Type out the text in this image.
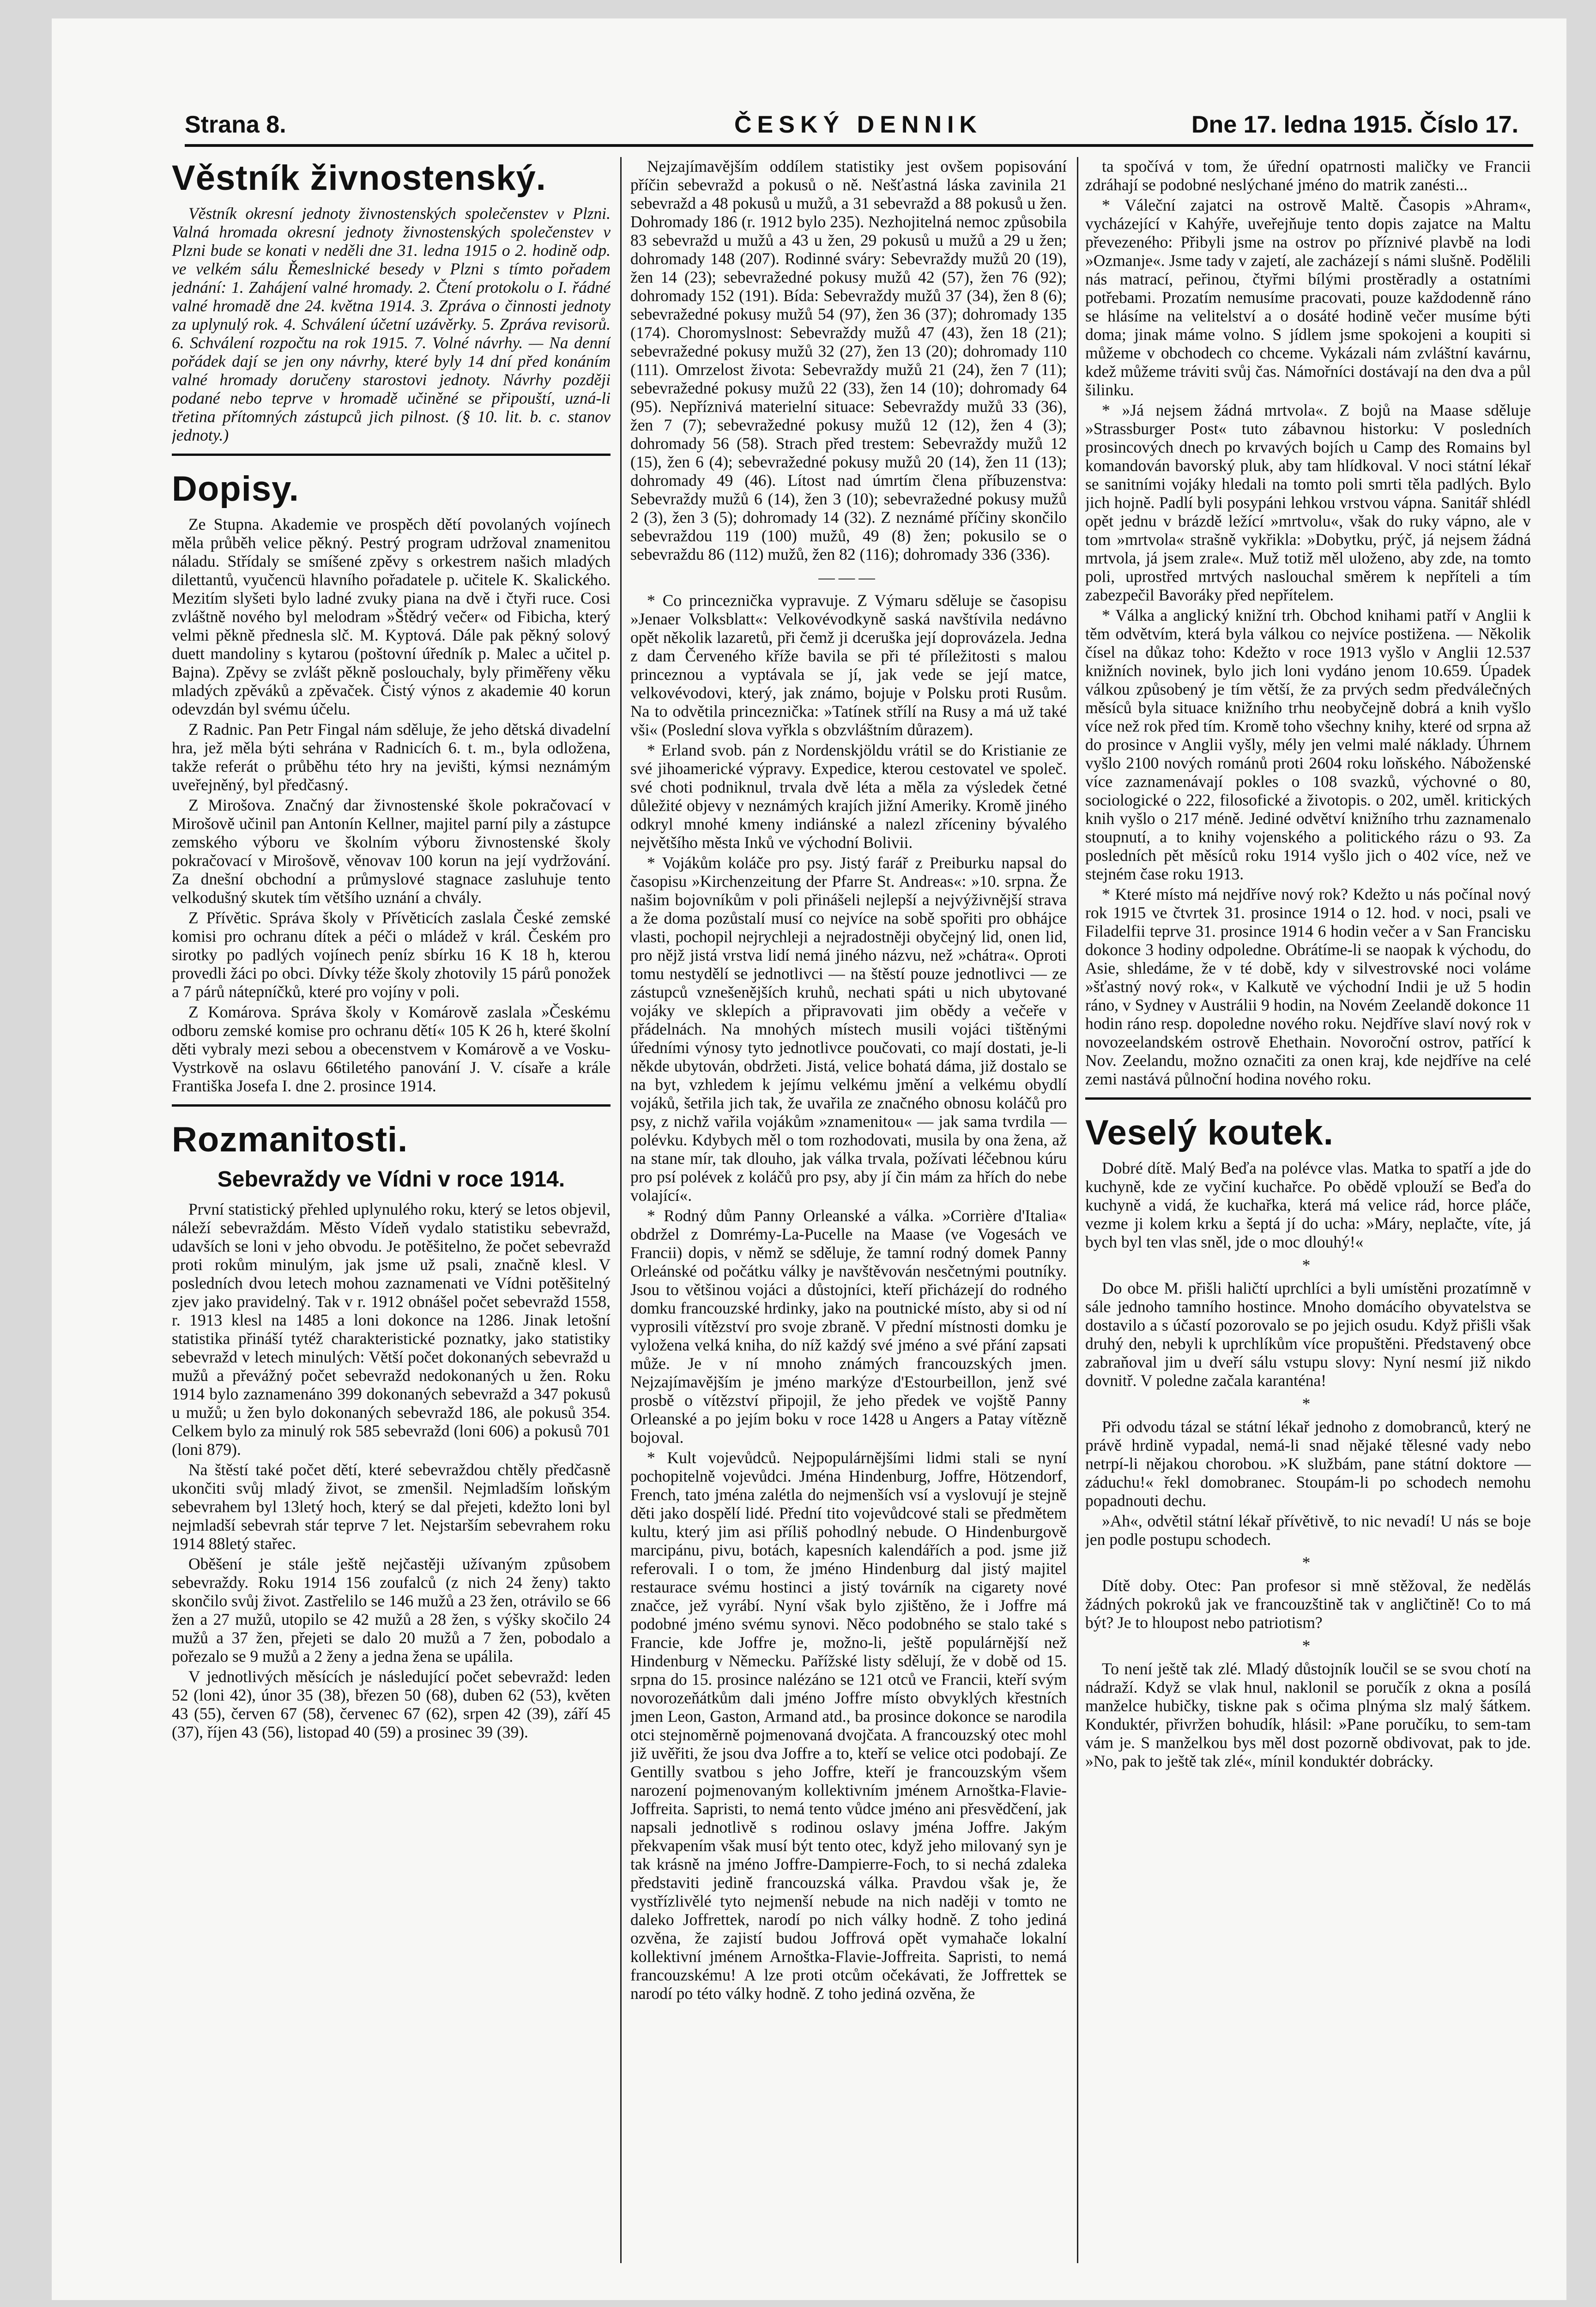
Strana 8.	ČESKÝ DENNIK	Dne 17. ledna 1915. Číslo 17.
Věstník živnostenský.

Věstník okresní jednoty živnostenských společenstev v Plzni. Valná hromada okresní jednoty živnostenských společenstev v Plzni bude se konati v neděli dne 31. ledna 1915 o 2. hodině odp. ve velkém sálu Řemeslnické besedy v Plzni s tímto pořadem jednání: 1. Zahájení valné hromady. 2. Čtení protokolu o I. řádné valné hromadě dne 24. května 1914. 3. Zpráva o činnosti jednoty za uplynulý rok. 4. Schválení účetní uzávěrky. 5. Zpráva revisorů. 6. Schválení rozpočtu na rok 1915. 7. Volné návrhy. — Na denní pořádek dají se jen ony návrhy, které byly 14 dní před konáním valné hromady doručeny starostovi jednoty. Návrhy později podané nebo teprve v hromadě učiněné se připouští, uzná-li třetina přítomných zástupců jich pilnost. (§ 10. lit. b. c. stanov jednoty.)

Dopisy.

Ze Stupna. Akademie ve prospěch dětí povolaných vojínech měla průběh velice pěkný. Pestrý program udržoval znamenitou náladu. Střídaly se smíšené zpěvy s orkestrem našich mladých dilettantů, vyučencü hlavního pořadatele p. učitele K. Skalického. Mezitím slyšeti bylo ladné zvuky piana na dvě i čtyři ruce. Cosi zvláštně nového byl melodram »Štědrý večer« od Fibicha, který velmi pěkně přednesla slč. M. Kyptová. Dále pak pěkný solový duett mandoliny s kytarou (poštovní úředník p. Malec a učitel p. Bajna). Zpěvy se zvlášt pěkně poslouchaly, byly přiměřeny věku mladých zpěváků a zpěvaček. Čistý výnos z akademie 40 korun odevzdán byl svému účelu.

Z Radnic. Pan Petr Fingal nám sděluje, že jeho dětská divadelní hra, jež měla býti sehrána v Radnicích 6. t. m., byla odložena, takže referát o průběhu této hry na jevišti, kýmsi neznámým uveřejněný, byl předčasný.

Z Mirošova. Značný dar živnostenské škole pokračovací v Mirošově učinil pan Antonín Kellner, majitel parní pily a zástupce zemského výboru ve školním výboru živnostenské školy pokračovací v Mirošově, věnovav 100 korun na její vydržování. Za dnešní obchodní a průmyslové stagnace zasluhuje tento velkodušný skutek tím většího uznání a chvály.

Z Přívětic. Správa školy v Přívěticích zaslala České zemské komisi pro ochranu dítek a péči o mládež v král. Českém pro sirotky po padlých vojínech peníz sbírku 16 K 18 h, kterou provedli žáci po obci. Dívky téže školy zhotovily 15 párů ponožek a 7 párů nátepníčků, které pro vojíny v poli.

Z Komárova. Správa školy v Komárově zaslala »Českému odboru zemské komise pro ochranu dětí« 105 K 26 h, které školní děti vybraly mezi sebou a obecenstvem v Komárově a ve Vosku-Vystrkově na oslavu 66tiletého panování J. V. císaře a krále Františka Josefa I. dne 2. prosince 1914.

Rozmanitosti.
Sebevraždy ve Vídni v roce 1914.

První statistický přehled uplynulého roku, který se letos objevil, náleží sebevraždám. Město Vídeň vydalo statistiku sebevražd, udavších se loni v jeho obvodu. Je potěšitelno, že počet sebevražd proti rokům minulým, jak jsme už psali, značně klesl. V posledních dvou letech mohou zaznamenati ve Vídni potěšitelný zjev jako pravidelný. Tak v r. 1912 obnášel počet sebevražd 1558, r. 1913 klesl na 1485 a loni dokonce na 1286. Jinak letošní statistika přináší tytéž charakteristické poznatky, jako statistiky sebevražd v letech minulých: Větší počet dokonaných sebevražd u mužů a převážný počet sebevražd nedokonaných u žen. Roku 1914 bylo zaznamenáno 399 dokonaných sebevražd a 347 pokusů u mužů; u žen bylo dokonaných sebevražd 186, ale pokusů 354. Celkem bylo za minulý rok 585 sebevražd (loni 606) a pokusů 701 (loni 879).

Na štěstí také počet dětí, které sebevraždou chtěly předčasně ukončiti svůj mladý život, se zmenšil. Nejmladším loňským sebevrahem byl 13letý hoch, který se dal přejeti, kdežto loni byl nejmladší sebevrah stár teprve 7 let. Nejstarším sebevrahem roku 1914 88letý stařec.

Oběšení je stále ještě nejčastěji užívaným způsobem sebevraždy. Roku 1914 156 zoufalců (z nich 24 ženy) takto skončilo svůj život. Zastřelilo se 146 mužů a 23 žen, otrávilo se 66 žen a 27 mužů, utopilo se 42 mužů a 28 žen, s výšky skočilo 24 mužů a 37 žen, přejeti se dalo 20 mužů a 7 žen, pobodalo a pořezalo se 9 mužů a 2 ženy a jedna žena se upálila.

V jednotlivých měsících je následující počet sebevražd: leden 52 (loni 42), únor 35 (38), březen 50 (68), duben 62 (53), květen 43 (55), červen 67 (58), červenec 67 (62), srpen 42 (39), září 45 (37), říjen 43 (56), listopad 40 (59) a prosinec 39 (39).

Nejzajímavějším oddílem statistiky jest ovšem popisování příčin sebevražd a pokusů o ně. Nešťastná láska zavinila 21 sebevražd a 48 pokusů u mužů, a 31 sebevražd a 88 pokusů u žen. Dohromady 186 (r. 1912 bylo 235). Nezhojitelná nemoc způsobila 83 sebevražd u mužů a 43 u žen, 29 pokusů u mužů a 29 u žen; dohromady 148 (207). Rodinné sváry: Sebevraždy mužů 20 (19), žen 14 (23); sebevražedné pokusy mužů 42 (57), žen 76 (92); dohromady 152 (191). Bída: Sebevraždy mužů 37 (34), žen 8 (6); sebevražedné pokusy mužů 54 (97), žen 36 (37); dohromady 135 (174). Choromyslnost: Sebevraždy mužů 47 (43), žen 18 (21); sebevražedné pokusy mužů 32 (27), žen 13 (20); dohromady 110 (111). Omrzelost života: Sebevraždy mužů 21 (24), žen 7 (11); sebevražedné pokusy mužů 22 (33), žen 14 (10); dohromady 64 (95). Nepříznivá materielní situace: Sebevraždy mužů 33 (36), žen 7 (7); sebevražedné pokusy mužů 12 (12), žen 4 (3); dohromady 56 (58). Strach před trestem: Sebevraždy mužů 12 (15), žen 6 (4); sebevražedné pokusy mužů 20 (14), žen 11 (13); dohromady 49 (46). Lítost nad úmrtím člena příbuzenstva: Sebevraždy mužů 6 (14), žen 3 (10); sebevražedné pokusy mužů 2 (3), žen 3 (5); dohromady 14 (32). Z neznámé příčiny skončilo sebevraždou 119 (100) mužů, 49 (8) žen; pokusilo se o sebevraždu 86 (112) mužů, žen 82 (116); dohromady 336 (336).

———

* Co princeznička vypravuje. Z Výmaru sděluje se časopisu »Jenaer Volksblatt«: Velkovévodkyně saská navštívila nedávno opět několik lazaretů, při čemž ji dceruška její doprovázela. Jedna z dam Červeného kříže bavila se při té příležitosti s malou princeznou a vyptávala se jí, jak vede se její matce, velkovévodovi, který, jak známo, bojuje v Polsku proti Rusům. Na to odvětila princeznička: »Tatínek střílí na Rusy a má už také vši« (Poslední slova vyřkla s obzvláštním důrazem).

* Erland svob. pán z Nordenskjöldu vrátil se do Kristianie ze své jihoamerické výpravy. Expedice, kterou cestovatel ve společ. své choti podniknul, trvala dvě léta a měla za výsledek četné důležité objevy v neznámých krajích jižní Ameriky. Kromě jiného odkryl mnohé kmeny indiánské a nalezl zříceniny bývalého největšího města Inků ve východní Bolivii.

* Vojákům koláče pro psy. Jistý farář z Preiburku napsal do časopisu »Kirchenzeitung der Pfarre St. Andreas«: »10. srpna. Že našim bojovníkům v poli přinášeli nejlepší a nejvýživnější strava a že doma pozůstalí musí co nejvíce na sobě spořiti pro obhájce vlasti, pochopil nejrychleji a nejradostněji obyčejný lid, onen lid, pro nějž jistá vrstva lidí nemá jiného názvu, než »chátra«. Oproti tomu nestydělí se jednotlivci — na štěstí pouze jednotlivci — ze zástupců vznešenějších kruhů, nechati spáti u nich ubytované vojáky ve sklepích a připravovati jim obědy a večeře v přádelnách. Na mnohých místech musili vojáci tištěnými úředními výnosy tyto jednotlivce poučovati, co mají dostati, je-li někde ubytován, obdržeti. Jistá, velice bohatá dáma, již dostalo se na byt, vzhledem k jejímu velkému jmění a velkému obydlí vojáků, šetřila jich tak, že uvařila ze značného obnosu koláčů pro psy, z nichž vařila vojákům »znamenitou« — jak sama tvrdila — polévku. Kdybych měl o tom rozhodovati, musila by ona žena, až na stane mír, tak dlouho, jak válka trvala, požívati léčebnou kúru pro psí polévek z koláčů pro psy, aby jí čin mám za hřích do nebe volající«.

* Rodný dům Panny Orleanské a válka. »Corrière d'Italia« obdržel z Domrémy-La-Pucelle na Maase (ve Vogesách ve Francii) dopis, v němž se sděluje, že tamní rodný domek Panny Orleánské od počátku války je navštěvován nesčetnými poutníky. Jsou to většinou vojáci a důstojníci, kteří přicházejí do rodného domku francouzské hrdinky, jako na poutnické místo, aby si od ní vyprosili vítězství pro svoje zbraně. V přední místnosti domku je vyložena velká kniha, do níž každý své jméno a své přání zapsati může. Je v ní mnoho známých francouzských jmen. Nejzajímavějším je jméno markýze d'Estourbeillon, jenž své prosbě o vítězství připojil, že jeho předek ve vojště Panny Orleanské a po jejím boku v roce 1428 u Angers a Patay vítězně bojoval.

* Kult vojevůdců. Nejpopulárnějšími lidmi stali se nyní pochopitelně vojevůdci. Jména Hindenburg, Joffre, Hötzendorf, French, tato jména zalétla do nejmenších vsí a vyslovují je stejně děti jako dospělí lidé. Přední tito vojevůdcové stali se předmětem kultu, který jim asi příliš pohodlný nebude. O Hindenburgově marcipánu, pivu, botách, kapesních kalendářích a pod. jsme již referovali. I o tom, že jméno Hindenburg dal jistý majitel restaurace svému hostinci a jistý továrník na cigarety nové značce, jež vyrábí. Nyní však bylo zjištěno, že i Joffre má podobné jméno svému synovi. Něco podobného se stalo také s Francie, kde Joffre je, možno-li, ještě populárnější než Hindenburg v Německu. Pařížské listy sdělují, že v době od 15. srpna do 15. prosince nalézáno se 121 otců ve Francii, kteří svým novorozeňátkům dali jméno Joffre místo obvyklých křestních jmen Leon, Gaston, Armand atd., ba prosince dokonce se narodila otci stejnoměrně pojmenovaná dvojčata. A francouzský otec mohl již uvěřiti, že jsou dva Joffre a to, kteří se velice otci podobají. Ze Gentilly svatbou s jeho Joffre, kteří je francouzským všem narození pojmenovaným kollektivním jménem Arnoštka-Flavie-Joffreita. Sapristi, to nemá tento vůdce jméno ani přesvědčení, jak napsali jednotlivě s rodinou oslavy jména Joffre. Jakým překvapením však musí být tento otec, když jeho milovaný syn je tak krásně na jméno Joffre-Dampierre-Foch, to si nechá zdaleka představiti jedině francouzská válka. Pravdou však je, že vystřízlivělé tyto nejmenší nebude na nich naději v tomto ne daleko Joffrettek, narodí po nich války hodně. Z toho jediná ozvěna, že zajistí budou Joffrová opět vymahače lokalní kollektivní jménem Arnoštka-Flavie-Joffreita. Sapristi, to nemá francouzskému! A lze proti otcům očekávati, že Joffrettek se narodí po této války hodně. Z toho jediná ozvěna, že

ta spočívá v tom, že úřední opatrnosti maličky ve Francii zdráhají se podobné neslýchané jméno do matrik zanésti...

* Váleční zajatci na ostrově Maltě. Časopis »Ahram«, vycházející v Kahýře, uveřejňuje tento dopis zajatce na Maltu převezeného: Přibyli jsme na ostrov po příznivé plavbě na lodi »Ozmanje«. Jsme tady v zajetí, ale zacházejí s námi slušně. Podělili nás matrací, peřinou, čtyřmi bílými prostěradly a ostatními potřebami. Prozatím nemusíme pracovati, pouze každodenně ráno se hlásíme na velitelství a o dosáté hodině večer musíme býti doma; jinak máme volno. S jídlem jsme spokojeni a koupiti si můžeme v obchodech co chceme. Vykázali nám zvláštní kavárnu, kdež můžeme tráviti svůj čas. Námořníci dostávají na den dva a půl šilinku.

* »Já nejsem žádná mrtvola«. Z bojů na Maase sděluje »Strassburger Post« tuto zábavnou historku: V posledních prosincových dnech po krvavých bojích u Camp des Romains byl komandován bavorský pluk, aby tam hlídkoval. V noci státní lékař se sanitními vojáky hledali na tomto poli smrti těla padlých. Bylo jich hojně. Padlí byli posypáni lehkou vrstvou vápna. Sanitář shlédl opět jednu v brázdě ležící »mrtvolu«, však do ruky vápno, ale v tom »mrtvola« strašně vykřikla: »Dobytku, prýč, já nejsem žádná mrtvola, já jsem zrale«. Muž totiž měl uloženo, aby zde, na tomto poli, uprostřed mrtvých naslouchal směrem k nepříteli a tím zabezpečil Bavoráky před nepřítelem.

* Válka a anglický knižní trh. Obchod knihami patří v Anglii k těm odvětvím, která byla válkou co nejvíce postižena. — Několik čísel na důkaz toho: Kdežto v roce 1913 vyšlo v Anglii 12.537 knižních novinek, bylo jich loni vydáno jenom 10.659. Úpadek válkou způsobený je tím větší, že za prvých sedm předválečných měsíců byla situace knižního trhu neobyčejně dobrá a knih vyšlo více než rok před tím. Kromě toho všechny knihy, které od srpna až do prosince v Anglii vyšly, mély jen velmi malé náklady. Úhrnem vyšlo 2100 nových románů proti 2604 roku loňského. Náboženské více zaznamenávají pokles o 108 svazků, výchovné o 80, sociologické o 222, filosofické a životopis. o 202, uměl. kritických knih vyšlo o 217 méně. Jediné odvětví knižního trhu zaznamenalo stoupnutí, a to knihy vojenského a politického rázu o 93. Za posledních pět měsíců roku 1914 vyšlo jich o 402 více, než ve stejném čase roku 1913.

* Které místo má nejdříve nový rok? Kdežto u nás počínal nový rok 1915 ve čtvrtek 31. prosince 1914 o 12. hod. v noci, psali ve Filadelfii teprve 31. prosince 1914 6 hodin večer a v San Francisku dokonce 3 hodiny odpoledne. Obrátíme-li se naopak k východu, do Asie, shledáme, že v té době, kdy v silvestrovské noci voláme »šťastný nový rok«, v Kalkutě ve východní Indii je už 5 hodin ráno, v Sydney v Austrálii 9 hodin, na Novém Zeelandě dokonce 11 hodin ráno resp. dopoledne nového roku. Nejdříve slaví nový rok v novozeelandském ostrově Ehethain. Novoroční ostrov, patřící k Nov. Zeelandu, možno označiti za onen kraj, kde nejdříve na celé zemi nastává půlnoční hodina nového roku.

Veselý koutek.

Dobré dítě. Malý Beďa na polévce vlas. Matka to spatří a jde do kuchyně, kde ze vyčiní kuchařce. Po obědě vplouží se Beďa do kuchyně a vidá, že kuchařka, která má velice rád, horce pláče, vezme ji kolem krku a šeptá jí do ucha: »Máry, neplačte, víte, já bych byl ten vlas sněl, jde o moc dlouhý!«

*

Do obce M. přišli haličtí uprchlíci a byli umístěni prozatímně v sále jednoho tamního hostince. Mnoho domácího obyvatelstva se dostavilo a s účastí pozorovalo se po jejich osudu. Když přišli však druhý den, nebyli k uprchlíkům více propuštěni. Představený obce zabraňoval jim u dveří sálu vstupu slovy: Nyní nesmí již nikdo dovnitř. V poledne začala karanténa!

*

Při odvodu tázal se státní lékař jednoho z domobranců, který ne právě hrdině vypadal, nemá-li snad nějaké tělesné vady nebo netrpí-li nějakou chorobou. »K službám, pane státní doktore — záduchu!« řekl domobranec. Stoupám-li po schodech nemohu popadnouti dechu.

»Ah«, odvětil státní lékař přívětivě, to nic nevadí! U nás se boje jen podle postupu schodech.

*

Dítě doby. Otec: Pan profesor si mně stěžoval, že nedělás žádných pokroků jak ve francouzštině tak v angličtině! Co to má být? Je to hloupost nebo patriotism?

*

To není ještě tak zlé. Mladý důstojník loučil se se svou chotí na nádraží. Když se vlak hnul, naklonil se poručík z okna a posílá manželce hubičky, tiskne pak s očima plnýma slz malý šátkem. Konduktér, přivržen bohudík, hlásil: »Pane poručíku, to sem-tam vám je. S manželkou bys měl dost pozorně obdivovat, pak to jde. »No, pak to ještě tak zlé«, mínil konduktér dobrácky.
